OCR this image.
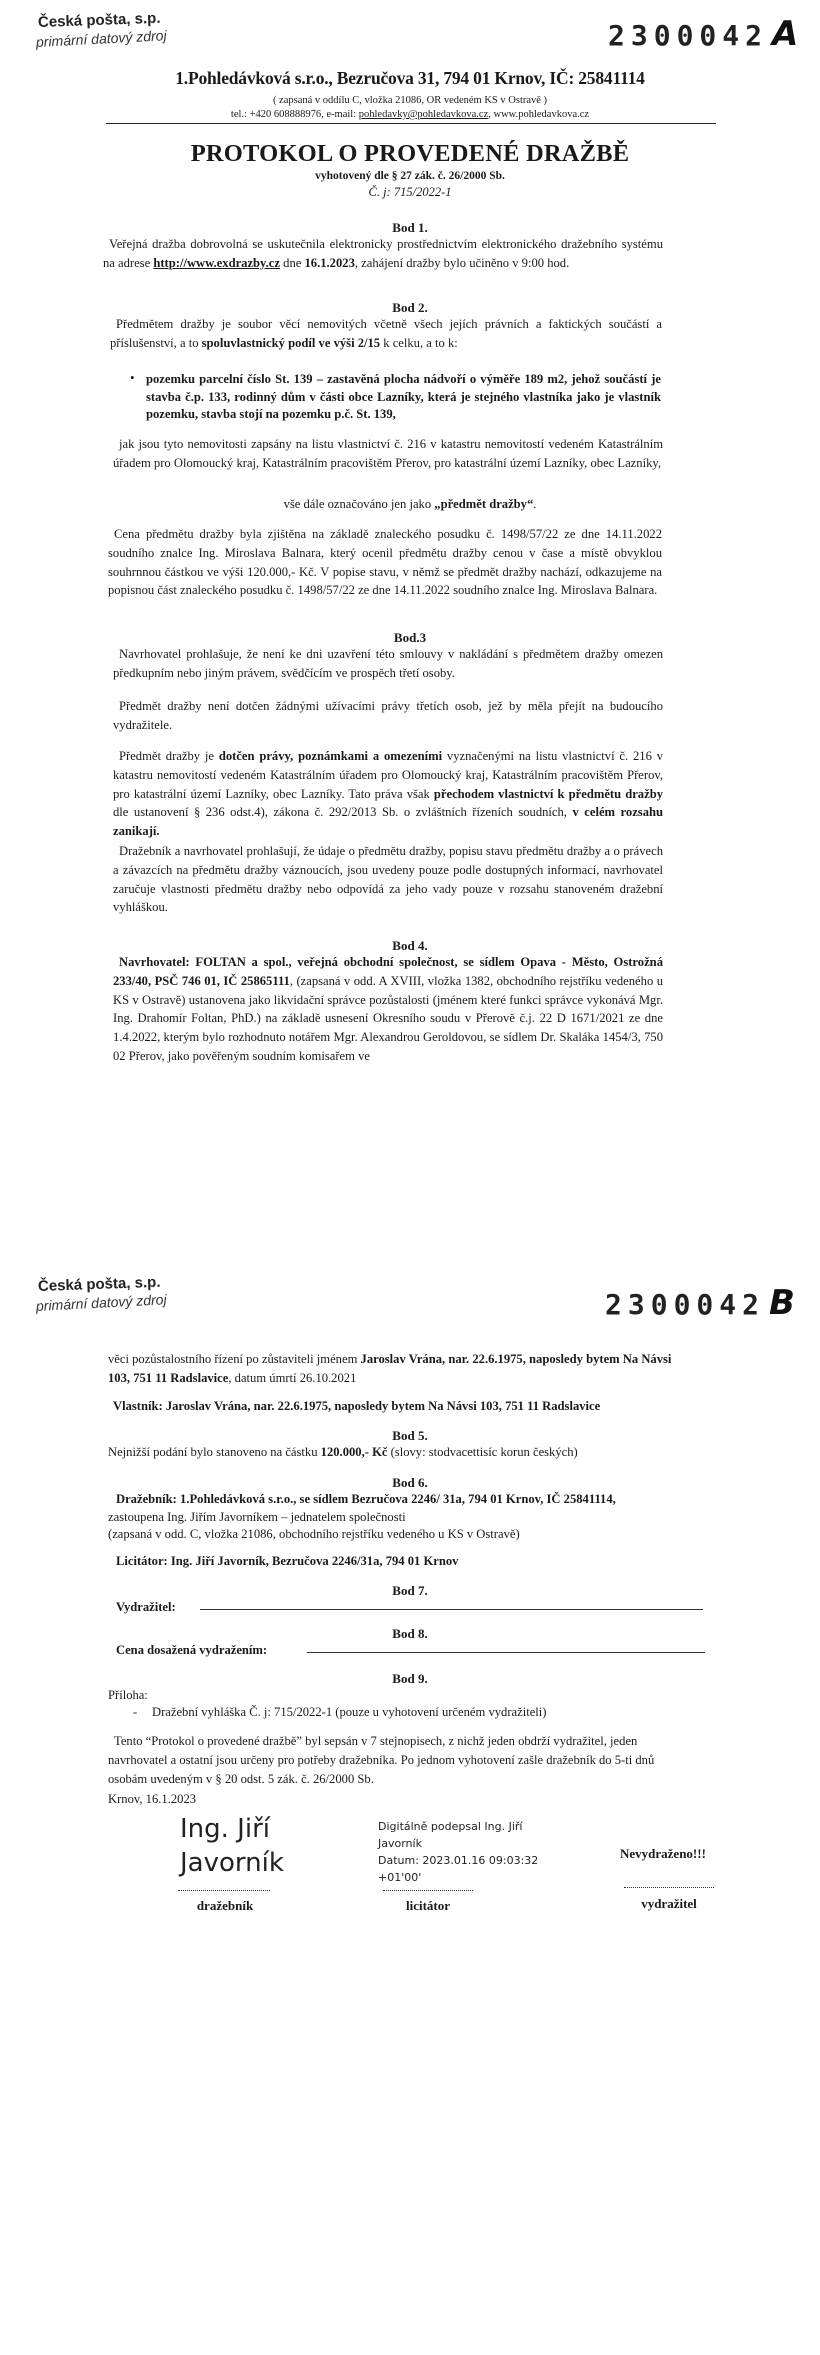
Česká pošta, s.p.
primární datový zdroj	2300042 A
1.Pohledávková s.r.o., Bezručova 31, 794 01 Krnov, IČ: 25841114
( zapsaná v oddílu C, vložka 21086, OR vedeném KS v Ostravě )
tel.: +420 608888976, e-mail: pohledavky@pohledavkova.cz, www.pohledavkova.cz
PROTOKOL O PROVEDENÉ DRAŽBĚ
vyhotovený dle § 27 zák. č. 26/2000 Sb.
Č. j: 715/2022-1
Bod 1.
Veřejná dražba dobrovolná se uskutečnila elektronicky prostřednictvím elektronického dražebního systému na adrese http://www.exdrazby.cz dne 16.1.2023, zahájení dražby bylo učiněno v 9:00 hod.
Bod 2.
Předmětem dražby je soubor věcí nemovitých včetně všech jejích právních a faktických součástí a příslušenství, a to spoluvlastnický podíl ve výši 2/15 k celku, a to k:
• pozemku parcelní číslo St. 139 – zastavěná plocha nádvoří o výměře 189 m2, jehož součástí je stavba č.p. 133, rodinný dům v části obce Lazníky, která je stejného vlastníka jako je vlastník pozemku, stavba stojí na pozemku p.č. St. 139,
jak jsou tyto nemovitosti zapsány na listu vlastnictví č. 216 v katastru nemovitostí vedeném Katastrálním úřadem pro Olomoucký kraj, Katastrálním pracovištěm Přerov, pro katastrální území Lazníky, obec Lazníky,
vše dále označováno jen jako „předmět dražby“.
Cena předmětu dražby byla zjištěna na základě znaleckého posudku č. 1498/57/22 ze dne 14.11.2022 soudního znalce Ing. Miroslava Balnara, který ocenil předmětu dražby cenou v čase a místě obvyklou souhrnnou částkou ve výši 120.000,- Kč. V popise stavu, v němž se předmět dražby nachází, odkazujeme na popisnou část znaleckého posudku č. 1498/57/22 ze dne 14.11.2022 soudního znalce Ing. Miroslava Balnara.
Bod.3
Navrhovatel prohlašuje, že není ke dni uzavření této smlouvy v nakládání s předmětem dražby omezen předkupním nebo jiným právem, svědčícím ve prospěch třetí osoby.
Předmět dražby není dotčen žádnými užívacími právy třetích osob, jež by měla přejít na budoucího vydražitele.
Předmět dražby je dotčen právy, poznámkami a omezeními vyznačenými na listu vlastnictví č. 216 v katastru nemovitostí vedeném Katastrálním úřadem pro Olomoucký kraj, Katastrálním pracovištěm Přerov, pro katastrální území Lazníky, obec Lazníky. Tato práva však přechodem vlastnictví k předmětu dražby dle ustanovení § 236 odst.4), zákona č. 292/2013 Sb. o zvláštních řízeních soudních, v celém rozsahu zanikají.
Dražebník a navrhovatel prohlašují, že údaje o předmětu dražby, popisu stavu předmětu dražby a o právech a závazcích na předmětu dražby váznoucích, jsou uvedeny pouze podle dostupných informací, navrhovatel zaručuje vlastnosti předmětu dražby nebo odpovídá za jeho vady pouze v rozsahu stanoveném dražební vyhláškou.
Bod 4.
Navrhovatel: FOLTAN a spol., veřejná obchodní společnost, se sídlem Opava - Město, Ostrožná 233/40, PSČ 746 01, IČ 25865111, (zapsaná v odd. A XVIII, vložka 1382, obchodního rejstříku vedeného u KS v Ostravě) ustanovena jako likvidační správce pozůstalosti (jménem které funkci správce vykonává Mgr. Ing. Drahomír Foltan, PhD.) na základě usnesení Okresního soudu v Přerově č.j. 22 D 1671/2021 ze dne 1.4.2022, kterým bylo rozhodnuto notářem Mgr. Alexandrou Geroldovou, se sídlem Dr. Skaláka 1454/3, 750 02 Přerov, jako pověřeným soudním komisařem ve
Česká pošta, s.p.
primární datový zdroj	2300042 B
věci pozůstalostního řízení po zůstaviteli jménem Jaroslav Vrána, nar. 22.6.1975, naposledy bytem Na Návsi 103, 751 11 Radslavice, datum úmrtí 26.10.2021
Vlastník: Jaroslav Vrána, nar. 22.6.1975, naposledy bytem Na Návsi 103, 751 11 Radslavice
Bod 5.
Nejnižší podání bylo stanoveno na částku 120.000,- Kč (slovy: stodvacettisíc korun českých)
Bod 6.
Dražebník: 1.Pohledávková s.r.o., se sídlem Bezručova 2246/ 31a, 794 01 Krnov, IČ 25841114,
zastoupena Ing. Jiřím Javorníkem – jednatelem společnosti
(zapsaná v odd. C, vložka 21086, obchodního rejstříku vedeného u KS v Ostravě)
Licitátor: Ing. Jiří Javorník, Bezručova 2246/31a, 794 01 Krnov
Bod 7.
Vydražitel:
Bod 8.
Cena dosažená vydražením:
Bod 9.
Příloha:
- Dražební vyhláška Č. j: 715/2022-1 (pouze u vyhotovení určeném vydražiteli)
Tento “Protokol o provedené dražbě” byl sepsán v 7 stejnopisech, z nichž jeden obdrží vydražitel, jeden navrhovatel a ostatní jsou určeny pro potřeby dražebníka. Po jednom vyhotovení zašle dražebník do 5-ti dnů osobám uvedeným v § 20 odst. 5 zák. č. 26/2000 Sb.
Krnov, 16.1.2023
Ing. Jiří
Javorník
Digitálně podepsal Ing. Jiří
Javorník
Datum: 2023.01.16 09:03:32
+01'00'
Nevydraženo!!!
dražebník	licitátor	vydražitel
